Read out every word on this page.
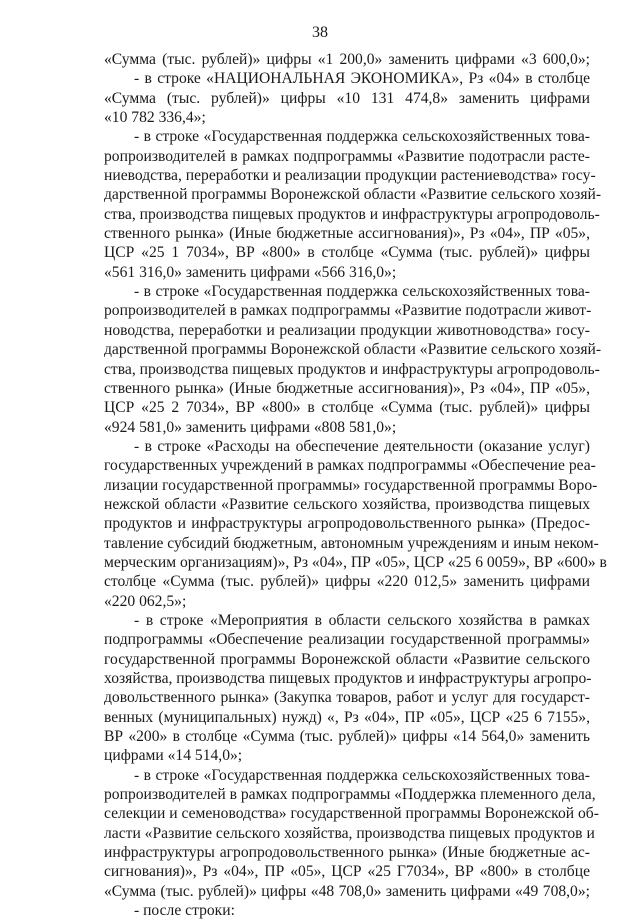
38
«Сумма (тыс. рублей)» цифры «1 200,0» заменить цифрами «3 600,0»;
- в строке «НАЦИОНАЛЬНАЯ ЭКОНОМИКА», Рз «04» в столбце
«Сумма (тыс. рублей)» цифры «10 131 474,8» заменить цифрами
«10 782 336,4»;
- в строке «Государственная поддержка сельскохозяйственных това-
ропроизводителей в рамках подпрограммы «Развитие подотрасли расте-
ниеводства, переработки и реализации продукции растениеводства» госу-
дарственной программы Воронежской области «Развитие сельского хозяй-
ства, производства пищевых продуктов и инфраструктуры агропродоволь-
ственного рынка» (Иные бюджетные ассигнования)», Рз «04», ПР «05»,
ЦСР «25 1 7034», ВР «800» в столбце «Сумма (тыс. рублей)» цифры
«561 316,0» заменить цифрами «566 316,0»;
- в строке «Государственная поддержка сельскохозяйственных това-
ропроизводителей в рамках подпрограммы «Развитие подотрасли живот-
новодства, переработки и реализации продукции животноводства» госу-
дарственной программы Воронежской области «Развитие сельского хозяй-
ства, производства пищевых продуктов и инфраструктуры агропродоволь-
ственного рынка» (Иные бюджетные ассигнования)», Рз «04», ПР «05»,
ЦСР «25 2 7034», ВР «800» в столбце «Сумма (тыс. рублей)» цифры
«924 581,0» заменить цифрами «808 581,0»;
- в строке «Расходы на обеспечение деятельности (оказание услуг)
государственных учреждений в рамках подпрограммы «Обеспечение реа-
лизации государственной программы» государственной программы Воро-
нежской области «Развитие сельского хозяйства, производства пищевых
продуктов и инфраструктуры агропродовольственного рынка» (Предос-
тавление субсидий бюджетным, автономным учреждениям и иным неком-
мерческим организациям)», Рз «04», ПР «05», ЦСР «25 6 0059», ВР «600» в
столбце «Сумма (тыс. рублей)» цифры «220 012,5» заменить цифрами
«220 062,5»;
- в строке «Мероприятия в области сельского хозяйства в рамках
подпрограммы «Обеспечение реализации государственной программы»
государственной программы Воронежской области «Развитие сельского
хозяйства, производства пищевых продуктов и инфраструктуры агропро-
довольственного рынка» (Закупка товаров, работ и услуг для государст-
венных (муниципальных) нужд) «, Рз «04», ПР «05», ЦСР «25 6 7155»,
ВР «200» в столбце «Сумма (тыс. рублей)» цифры «14 564,0» заменить
цифрами «14 514,0»;
- в строке «Государственная поддержка сельскохозяйственных това-
ропроизводителей в рамках подпрограммы «Поддержка племенного дела,
селекции и семеноводства» государственной программы Воронежской об-
ласти «Развитие сельского хозяйства, производства пищевых продуктов и
инфраструктуры агропродовольственного рынка» (Иные бюджетные ас-
сигнования)», Рз «04», ПР «05», ЦСР «25 Г7034», ВР «800» в столбце
«Сумма (тыс. рублей)» цифры «48 708,0» заменить цифрами «49 708,0»;
- после строки:
